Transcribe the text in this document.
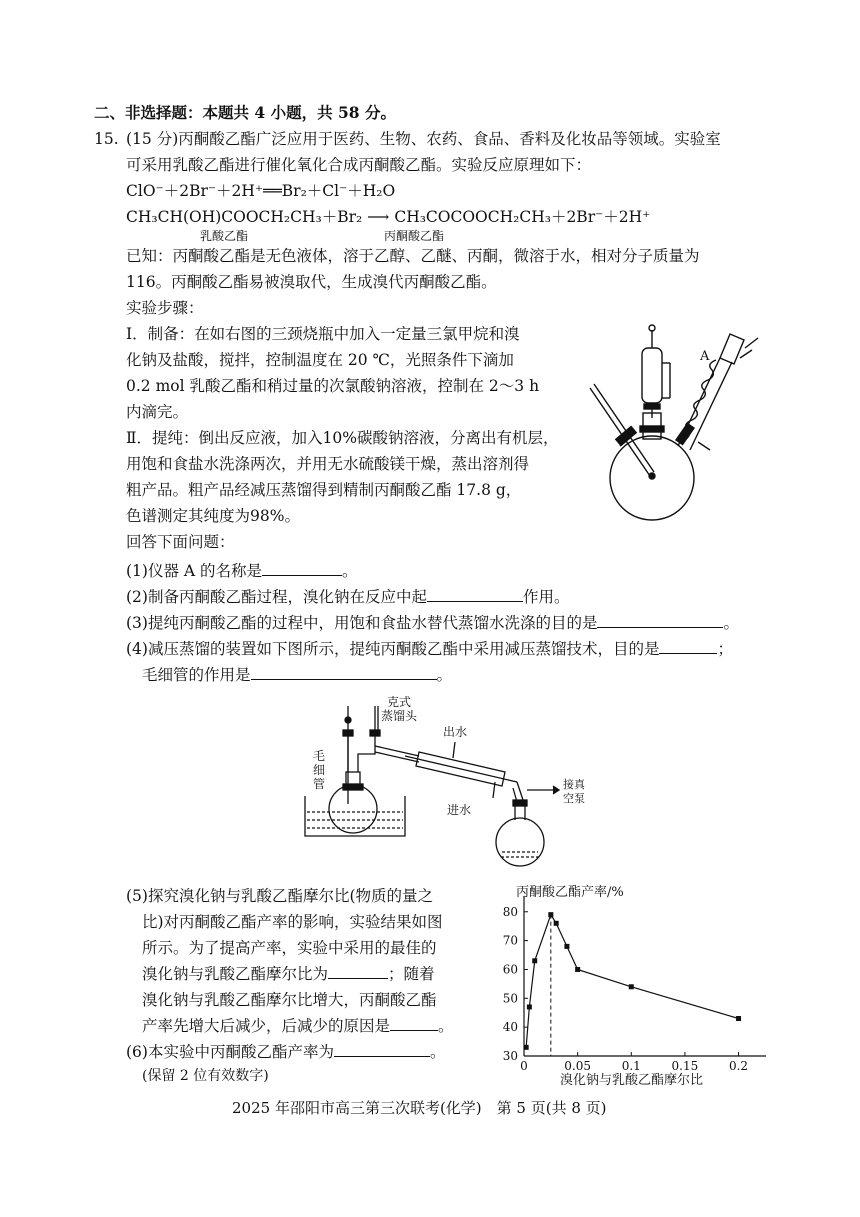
二、非选择题：本题共 4 小题，共 58 分。
15. (15 分)丙酮酸乙酯广泛应用于医药、生物、农药、食品、香料及化妆品等领域。实验室
可采用乳酸乙酯进行催化氧化合成丙酮酸乙酯。实验反应原理如下：
ClO⁻＋2Br⁻＋2H⁺══Br₂＋Cl⁻＋H₂O
CH₃CH(OH)COOCH₂CH₃＋Br₂ ⟶ CH₃COCOOCH₂CH₃＋2Br⁻＋2H⁺
乳酸乙酯	丙酮酸乙酯
已知：丙酮酸乙酯是无色液体，溶于乙醇、乙醚、丙酮，微溶于水，相对分子质量为
116。丙酮酸乙酯易被溴取代，生成溴代丙酮酸乙酯。
实验步骤：
Ⅰ．制备：在如右图的三颈烧瓶中加入一定量三氯甲烷和溴
化钠及盐酸，搅拌，控制温度在 20 ℃，光照条件下滴加
0.2 mol 乳酸乙酯和稍过量的次氯酸钠溶液，控制在 2～3 h
内滴完。
Ⅱ．提纯：倒出反应液，加入10%碳酸钠溶液，分离出有机层，
用饱和食盐水洗涤两次，并用无水硫酸镁干燥，蒸出溶剂得
粗产品。粗产品经减压蒸馏得到精制丙酮酸乙酯 17.8 g，
色谱测定其纯度为98%。
A
回答下面问题：
(1)仪器 A 的名称是	。
(2)制备丙酮酸乙酯过程，溴化钠在反应中起	作用。
(3)提纯丙酮酸乙酯的过程中，用饱和食盐水替代蒸馏水洗涤的目的是	。
(4)减压蒸馏的装置如下图所示，提纯丙酮酸乙酯中采用减压蒸馏技术，目的是	；
毛细管的作用是	。
克式
蒸馏头
出水
毛
细
管
进水
接真
空泵
(5)探究溴化钠与乳酸乙酯摩尔比(物质的量之
比)对丙酮酸乙酯产率的影响，实验结果如图
所示。为了提高产率，实验中采用的最佳的
溴化钠与乳酸乙酯摩尔比为	；随着
溴化钠与乳酸乙酯摩尔比增大，丙酮酸乙酯
产率先增大后减少，后减少的原因是	。
(6)本实验中丙酮酸乙酯产率为	。
(保留 2 位有效数字)
30
40
50
60
70
80
0	0.05	0.1	0.15	0.2
丙酮酸乙酯产率/%
溴化钠与乳酸乙酯摩尔比
2025 年邵阳市高三第三次联考(化学)　第 5 页(共 8 页)
